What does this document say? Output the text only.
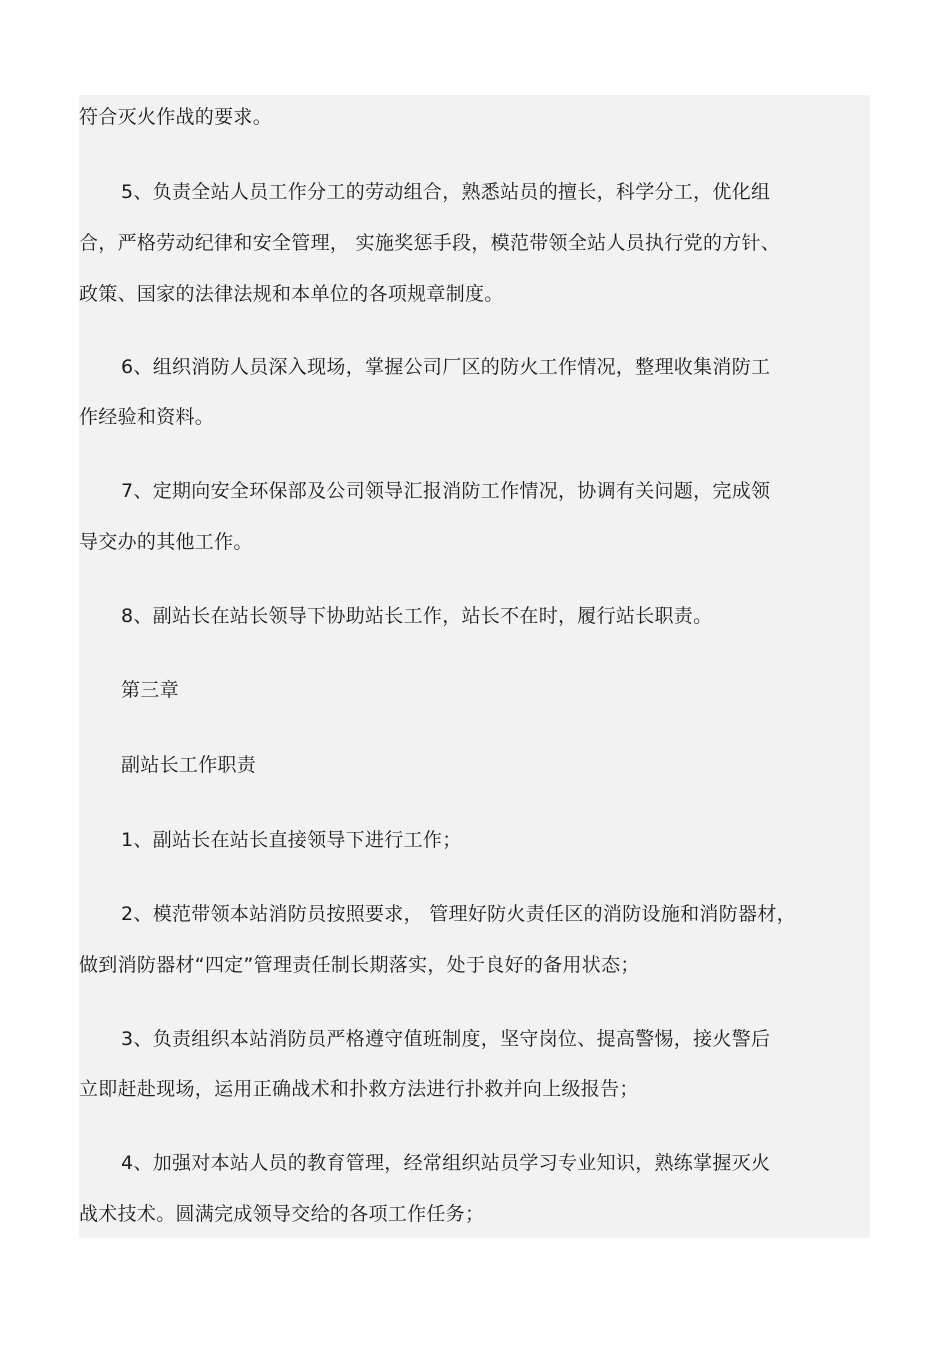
符合灭火作战的要求。
5、负责全站人员工作分工的劳动组合，熟悉站员的擅长，科学分工，优化组
合，严格劳动纪律和安全管理， 实施奖惩手段，模范带领全站人员执行党的方针、
政策、国家的法律法规和本单位的各项规章制度。
6、组织消防人员深入现场，掌握公司厂区的防火工作情况，整理收集消防工
作经验和资料。
7、定期向安全环保部及公司领导汇报消防工作情况，协调有关问题，完成领
导交办的其他工作。
8、副站长在站长领导下协助站长工作，站长不在时，履行站长职责。
第三章
副站长工作职责
1、副站长在站长直接领导下进行工作；
2、模范带领本站消防员按照要求， 管理好防火责任区的消防设施和消防器材，
做到消防器材“四定”管理责任制长期落实，处于良好的备用状态；
3、负责组织本站消防员严格遵守值班制度，坚守岗位、提高警惕，接火警后
立即赶赴现场，运用正确战术和扑救方法进行扑救并向上级报告；
4、加强对本站人员的教育管理，经常组织站员学习专业知识，熟练掌握灭火
战术技术。圆满完成领导交给的各项工作任务；
